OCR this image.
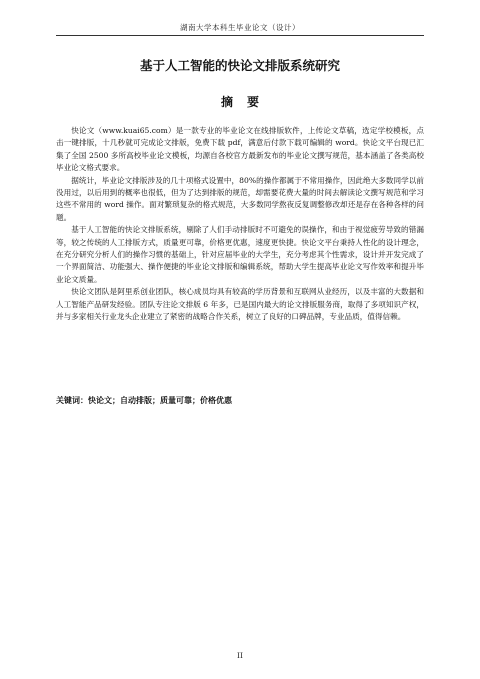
湖南大学本科生毕业论文（设计）
基于人工智能的快论文排版系统研究
摘要

快论文（www.kuai65.com）是一款专业的毕业论文在线排版软件，上传论文草稿，选定学校模板，点击一键排版，十几秒就可完成论文排版，免费下载 pdf，满意后付款下载可编辑的 word。快论文平台现已汇集了全国 2500 多所高校毕业论文模板，均源自各校官方最新发布的毕业论文撰写规范，基本涵盖了各类高校毕业论文格式要求。

据统计，毕业论文排版涉及的几十项格式设置中，80%的操作都属于不常用操作，因此绝大多数同学以前没用过，以后用到的概率也很低，但为了达到排版的规范，却需要花费大量的时间去解读论文撰写规范和学习这些不常用的 word 操作。面对繁琐复杂的格式规范，大多数同学熬夜反复调整修改却还是存在各种各样的问题。

基于人工智能的快论文排版系统，剔除了人们手动排版时不可避免的误操作，和由于视觉疲劳导致的错漏等，较之传统的人工排版方式，质量更可靠，价格更优惠，速度更快捷。快论文平台秉持人性化的设计理念，在充分研究分析人们的操作习惯的基础上，针对应届毕业的大学生，充分考虑其个性需求，设计并开发完成了一个界面简洁、功能强大、操作便捷的毕业论文排版和编辑系统，帮助大学生提高毕业论文写作效率和提升毕业论文质量。

快论文团队是阿里系创业团队，核心成员均具有较高的学历背景和互联网从业经历，以及丰富的大数据和人工智能产品研发经验。团队专注论文排版 6 年多，已是国内最大的论文排版服务商，取得了多项知识产权，并与多家相关行业龙头企业建立了紧密的战略合作关系，树立了良好的口碑品牌，专业品质，值得信赖。

关键词：快论文；自动排版；质量可靠；价格优惠
II
